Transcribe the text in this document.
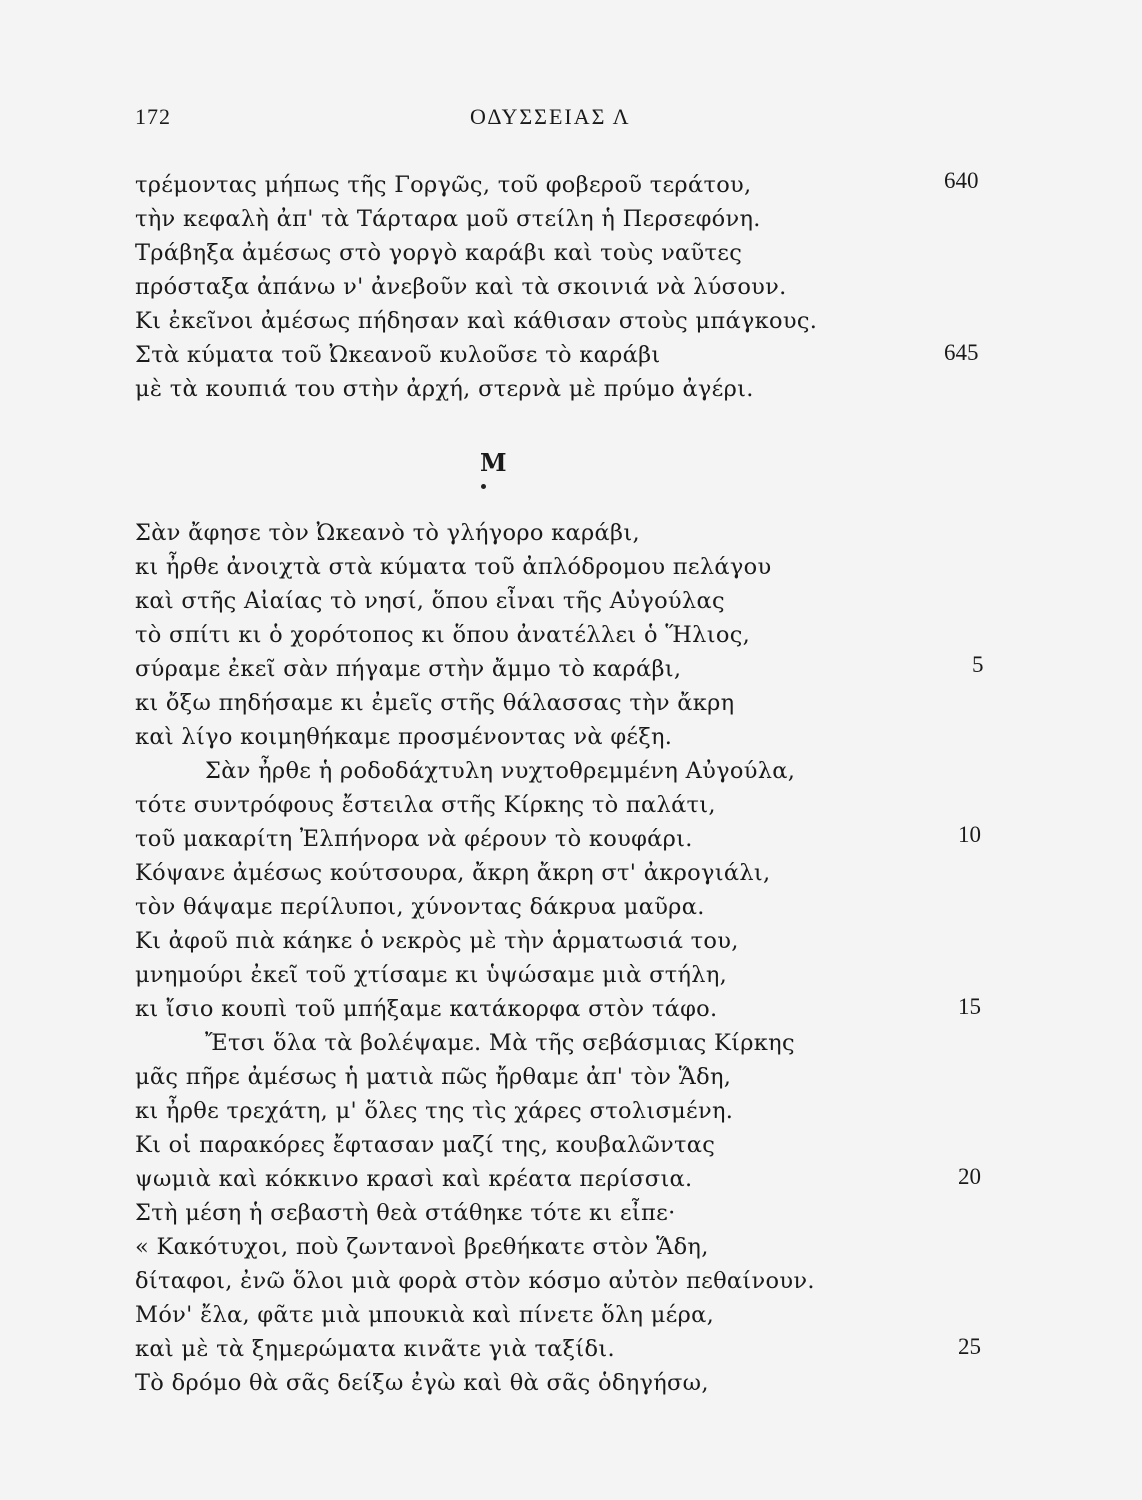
172	ΟΔΥΣΣΕΙΑΣ Λ
τρέμοντας μήπως τῆς Γοργῶς, τοῦ φοβεροῦ τεράτου,
τὴν κεφαλὴ ἀπ' τὰ Τάρταρα μοῦ στείλη ἡ Περσεφόνη.
Τράβηξα ἀμέσως στὸ γοργὸ καράβι καὶ τοὺς ναῦτες
πρόσταξα ἀπάνω ν' ἀνεβοῦν καὶ τὰ σκοινιά νὰ λύσουν.
Κι ἐκεῖνοι ἀμέσως πήδησαν καὶ κάθισαν στοὺς μπάγκους.
Στὰ κύματα τοῦ Ὠκεανοῦ κυλοῦσε τὸ καράβι
μὲ τὰ κουπιά του στὴν ἀρχή, στερνὰ μὲ πρύμο ἀγέρι.
640
645
Μ
Σὰν ἄφησε τὸν Ὠκεανὸ τὸ γλήγορο καράβι,
κι ἦρθε ἀνοιχτὰ στὰ κύματα τοῦ ἀπλόδρομου πελάγου
καὶ στῆς Αἰαίας τὸ νησί, ὅπου εἶναι τῆς Αὐγούλας
τὸ σπίτι κι ὁ χορότοπος κι ὅπου ἀνατέλλει ὁ Ἥλιος,
σύραμε ἐκεῖ σὰν πήγαμε στὴν ἄμμο τὸ καράβι,
κι ὄξω πηδήσαμε κι ἐμεῖς στῆς θάλασσας τὴν ἄκρη
καὶ λίγο κοιμηθήκαμε προσμένοντας νὰ φέξη.
Σὰν ἦρθε ἡ ροδοδάχτυλη νυχτοθρεμμένη Αὐγούλα,
τότε συντρόφους ἔστειλα στῆς Κίρκης τὸ παλάτι,
τοῦ μακαρίτη Ἐλπήνορα νὰ φέρουν τὸ κουφάρι.
Κόψανε ἀμέσως κούτσουρα, ἄκρη ἄκρη στ' ἀκρογιάλι,
τὸν θάψαμε περίλυποι, χύνοντας δάκρυα μαῦρα.
Κι ἀφοῦ πιὰ κάηκε ὁ νεκρὸς μὲ τὴν ἁρματωσιά του,
μνημούρι ἐκεῖ τοῦ χτίσαμε κι ὑψώσαμε μιὰ στήλη,
κι ἴσιο κουπὶ τοῦ μπήξαμε κατάκορφα στὸν τάφο.
Ἔτσι ὅλα τὰ βολέψαμε. Μὰ τῆς σεβάσμιας Κίρκης
μᾶς πῆρε ἀμέσως ἡ ματιὰ πῶς ἤρθαμε ἀπ' τὸν Ἅδη,
κι ἦρθε τρεχάτη, μ' ὅλες της τὶς χάρες στολισμένη.
Κι οἱ παρακόρες ἔφτασαν μαζί της, κουβαλῶντας
ψωμιὰ καὶ κόκκινο κρασὶ καὶ κρέατα περίσσια.
Στὴ μέση ἡ σεβαστὴ θεὰ στάθηκε τότε κι εἶπε·
« Κακότυχοι, ποὺ ζωντανοὶ βρεθήκατε στὸν Ἅδη,
δίταφοι, ἐνῶ ὅλοι μιὰ φορὰ στὸν κόσμο αὐτὸν πεθαίνουν.
Μόν' ἔλα, φᾶτε μιὰ μπουκιὰ καὶ πίνετε ὅλη μέρα,
καὶ μὲ τὰ ξημερώματα κινᾶτε γιὰ ταξίδι.
Τὸ δρόμο θὰ σᾶς δείξω ἐγὼ καὶ θὰ σᾶς ὁδηγήσω,
5
10
15
20
25
